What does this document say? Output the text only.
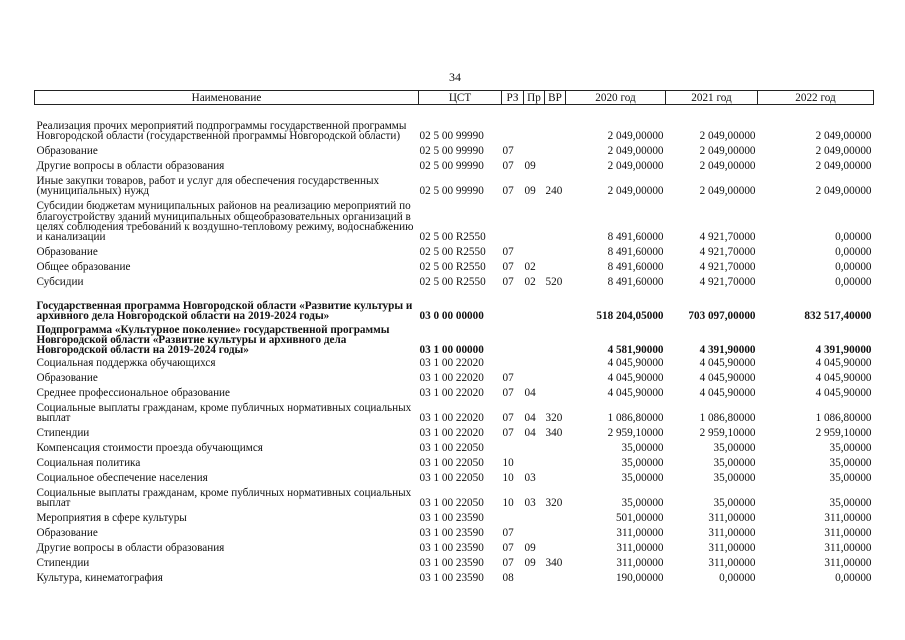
34
Наименование	ЦСТ	РЗ	Пр	ВР	2020 год	2021 год	2022 год
Реализация прочих мероприятий подпрограммы государственной программы Новгородской области (государственной программы Новгородской области)	02 5 00 99990				2 049,00000	2 049,00000	2 049,00000
Образование	02 5 00 99990	07			2 049,00000	2 049,00000	2 049,00000
Другие вопросы в области образования	02 5 00 99990	07	09		2 049,00000	2 049,00000	2 049,00000
Иные закупки товаров, работ и услуг для обеспечения государственных (муниципальных) нужд	02 5 00 99990	07	09	240	2 049,00000	2 049,00000	2 049,00000
Субсидии бюджетам муниципальных районов на реализацию мероприятий по благоустройству зданий муниципальных общеобразовательных организаций в целях соблюдения требований к воздушно-тепловому режиму, водоснабжению и канализации	02 5 00 R2550				8 491,60000	4 921,70000	0,00000
Образование	02 5 00 R2550	07			8 491,60000	4 921,70000	0,00000
Общее образование	02 5 00 R2550	07	02		8 491,60000	4 921,70000	0,00000
Субсидии	02 5 00 R2550	07	02	520	8 491,60000	4 921,70000	0,00000
Государственная программа Новгородской области «Развитие культуры и архивного дела Новгородской области на 2019-2024 годы»	03 0 00 00000				518 204,05000	703 097,00000	832 517,40000
Подпрограмма «Культурное поколение» государственной программы Новгородской области «Развитие культуры и архивного дела Новгородской области на 2019-2024 годы»	03 1 00 00000				4 581,90000	4 391,90000	4 391,90000
Социальная поддержка обучающихся	03 1 00 22020				4 045,90000	4 045,90000	4 045,90000
Образование	03 1 00 22020	07			4 045,90000	4 045,90000	4 045,90000
Среднее профессиональное образование	03 1 00 22020	07	04		4 045,90000	4 045,90000	4 045,90000
Социальные выплаты гражданам, кроме публичных нормативных социальных выплат	03 1 00 22020	07	04	320	1 086,80000	1 086,80000	1 086,80000
Стипендии	03 1 00 22020	07	04	340	2 959,10000	2 959,10000	2 959,10000
Компенсация стоимости проезда обучающимся	03 1 00 22050				35,00000	35,00000	35,00000
Социальная политика	03 1 00 22050	10			35,00000	35,00000	35,00000
Социальное обеспечение населения	03 1 00 22050	10	03		35,00000	35,00000	35,00000
Социальные выплаты гражданам, кроме публичных нормативных социальных выплат	03 1 00 22050	10	03	320	35,00000	35,00000	35,00000
Мероприятия в сфере культуры	03 1 00 23590				501,00000	311,00000	311,00000
Образование	03 1 00 23590	07			311,00000	311,00000	311,00000
Другие вопросы в области образования	03 1 00 23590	07	09		311,00000	311,00000	311,00000
Стипендии	03 1 00 23590	07	09	340	311,00000	311,00000	311,00000
Культура, кинематография	03 1 00 23590	08			190,00000	0,00000	0,00000
